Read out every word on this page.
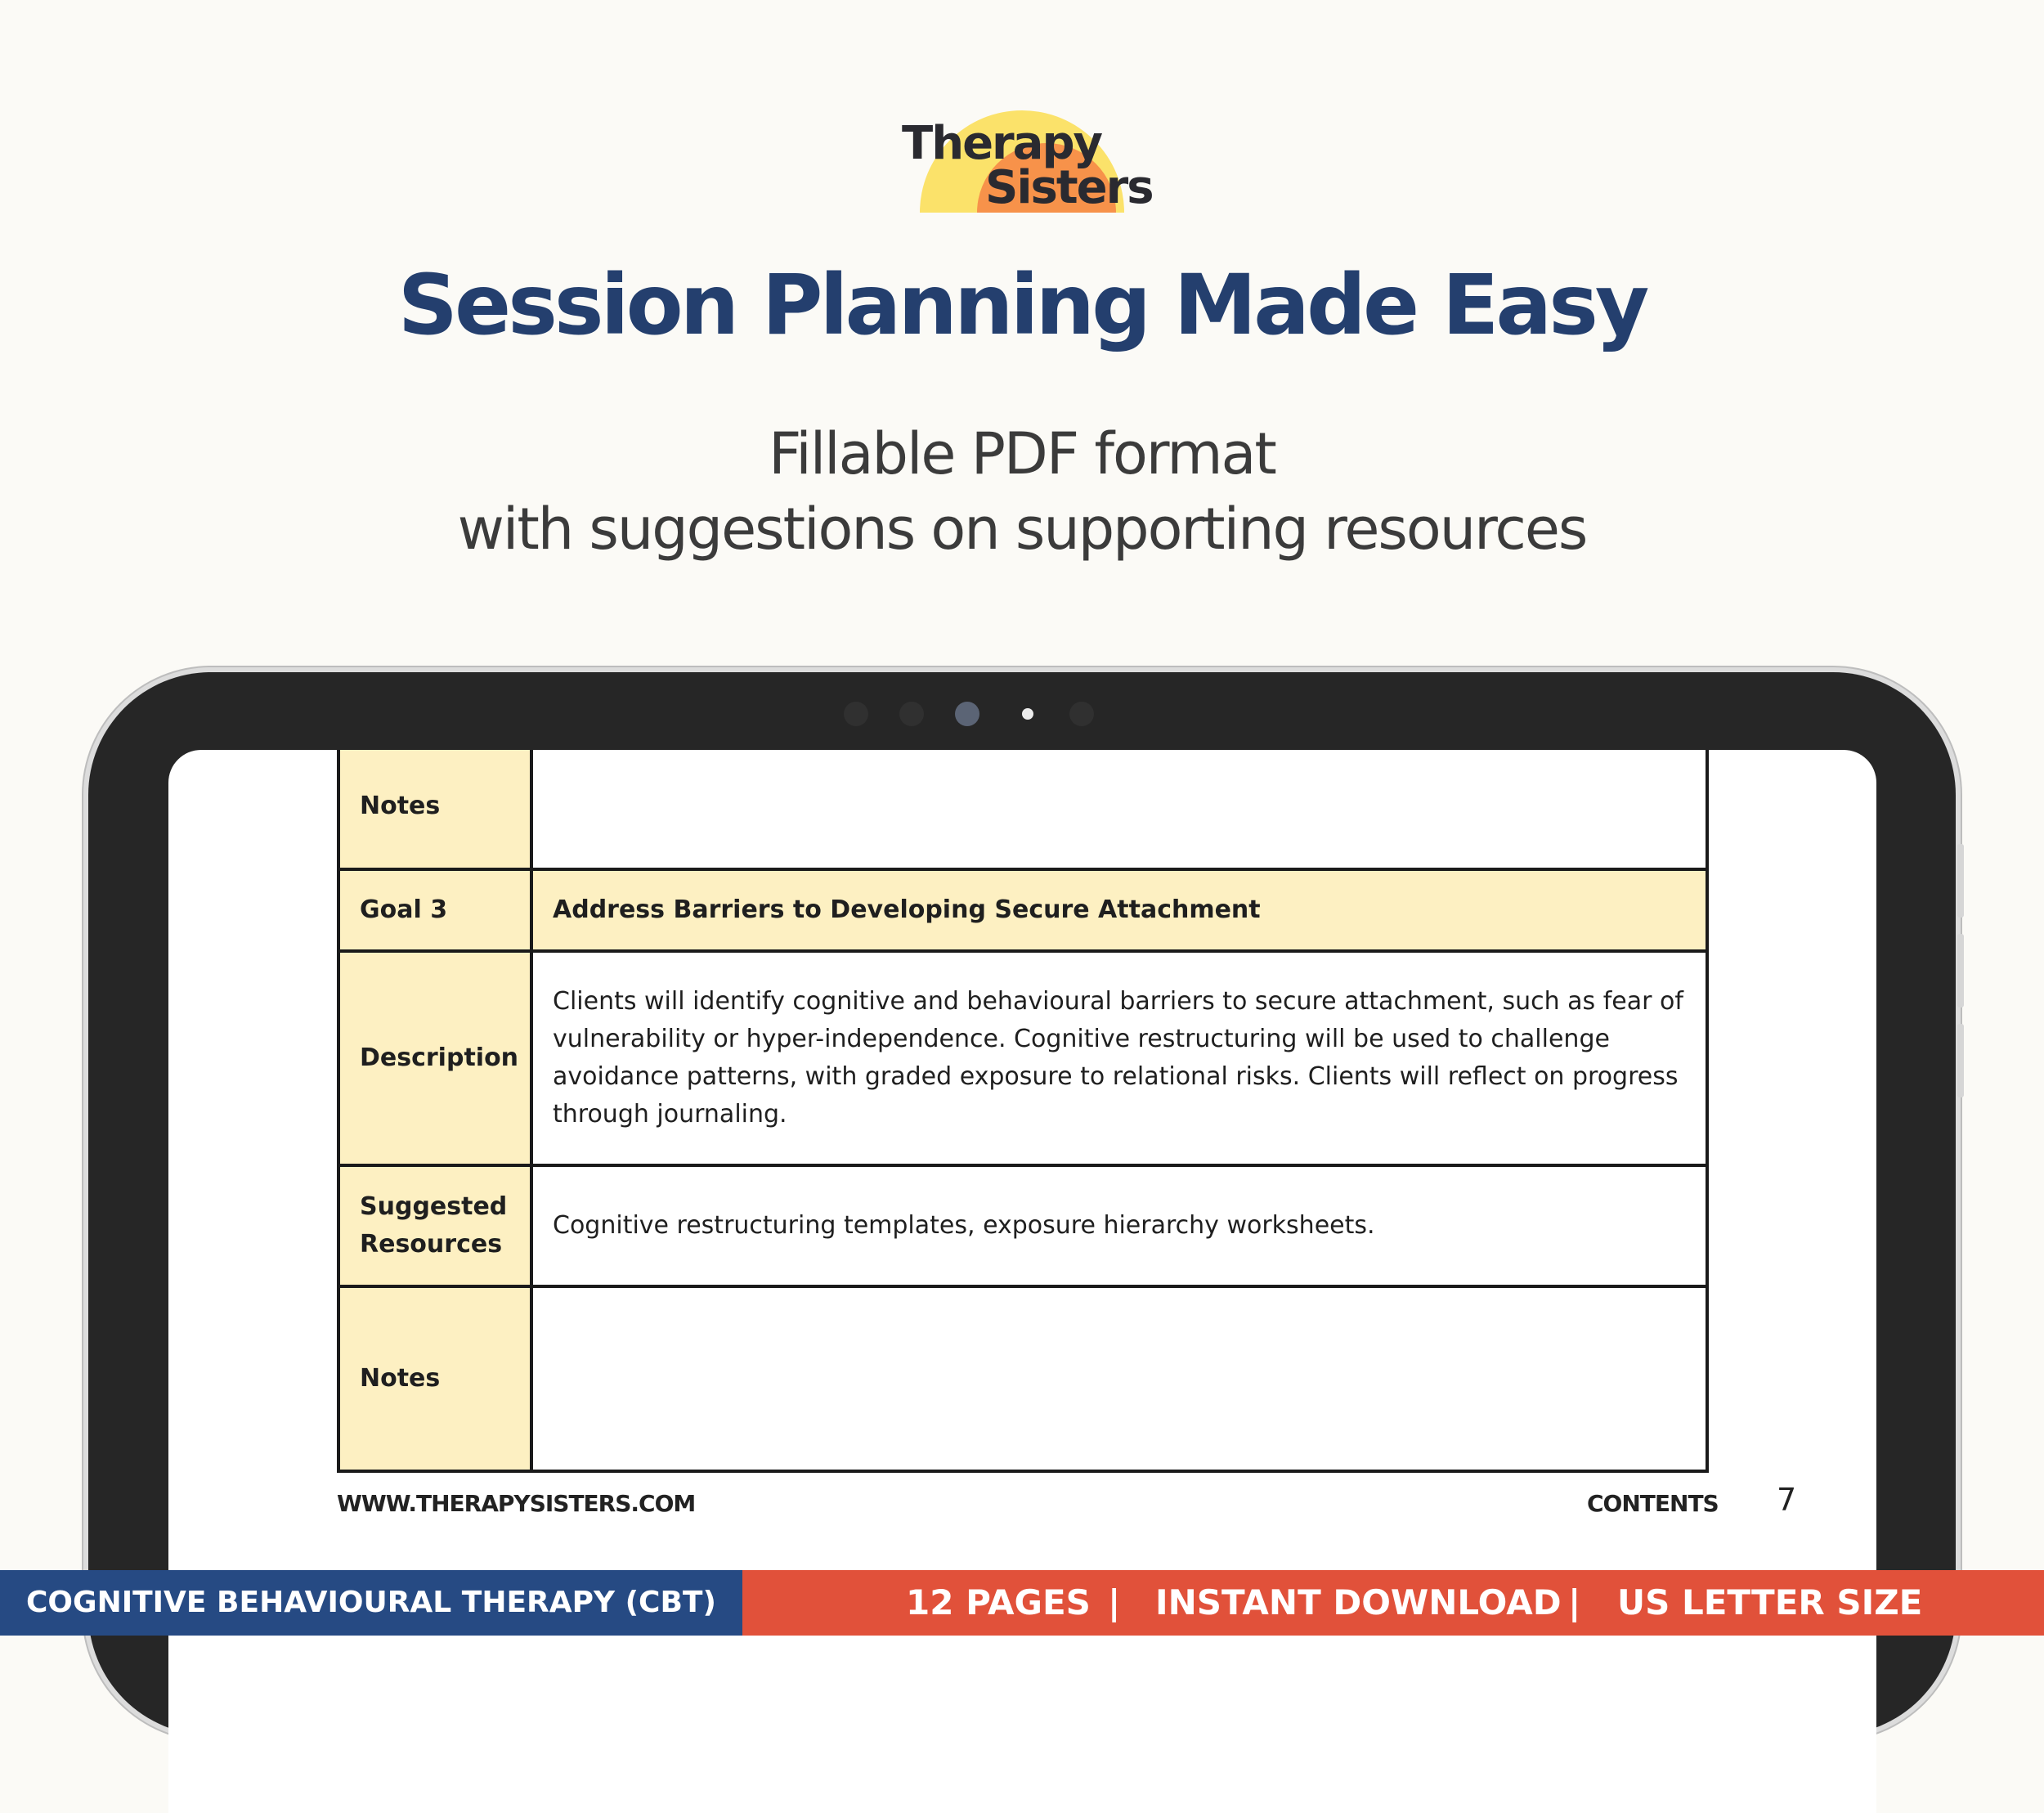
Therapy
Sisters
Session Planning Made Easy
Fillable PDF format
with suggestions on supporting resources
Notes	
Goal 3	Address Barriers to Developing Secure Attachment
Description	Clients will identify cognitive and behavioural barriers to secure attachment, such as fear of vulnerability or hyper-independence. Cognitive restructuring will be used to challenge avoidance patterns, with graded exposure to relational risks. Clients will reflect on progress through journaling.
Suggested Resources	Cognitive restructuring templates, exposure hierarchy worksheets.
Notes	
WWW.THERAPYSISTERS.COM	CONTENTS 7
COGNITIVE BEHAVIOURAL THERAPY (CBT)	12 PAGES | INSTANT DOWNLOAD | US LETTER SIZE
